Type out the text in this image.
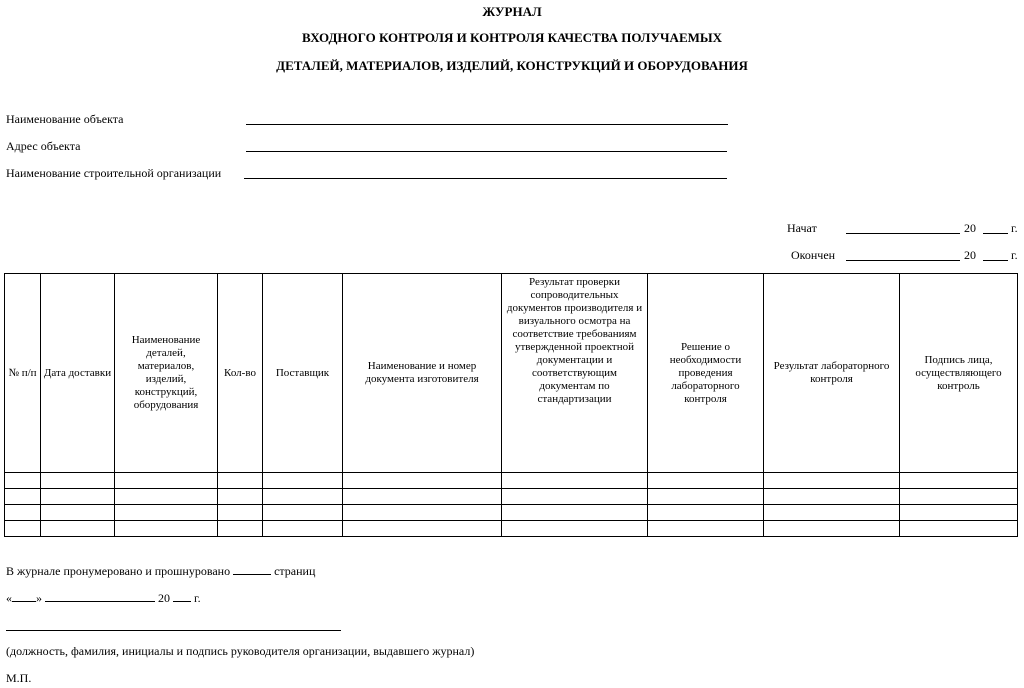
ЖУРНАЛ
ВХОДНОГО КОНТРОЛЯ И КОНТРОЛЯ КАЧЕСТВА ПОЛУЧАЕМЫХ
ДЕТАЛЕЙ, МАТЕРИАЛОВ, ИЗДЕЛИЙ, КОНСТРУКЦИЙ И ОБОРУДОВАНИЯ
Наименование объекта
Адрес объекта
Наименование строительной организации
Начат	20	г.
Окончен	20	г.
№ п/п	Дата доставки	Наименование деталей, материалов, изделий, конструкций, оборудования	Кол-во	Поставщик	Наименование и номер документа изготовителя	Результат проверки сопроводительных документов производителя и визуального осмотра на соответствие требованиям утвержденной проектной документации и соответствующим документам по стандартизации	Решение о необходимости проведения лабораторного контроля	Результат лабораторного контроля	Подпись лица, осуществляющего контроль

В журнале пронумеровано и прошнуровано	страниц
« »	20 г.
(должность, фамилия, инициалы и подпись руководителя организации, выдавшего журнал)
М.П.
